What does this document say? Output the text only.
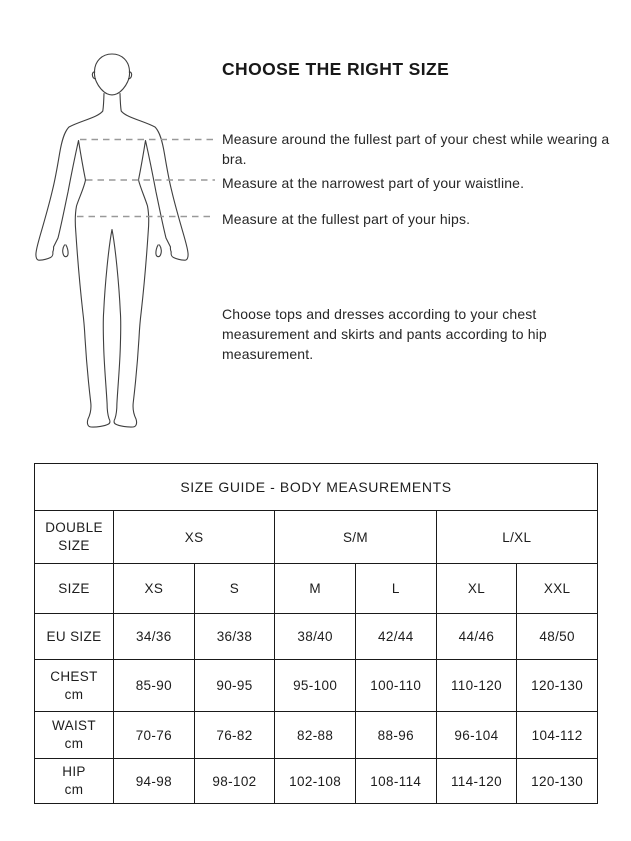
CHOOSE THE RIGHT SIZE
Measure around the fullest part of your chest while wearing a bra.
Measure at the narrowest part of your waistline.
Measure at the fullest part of your hips.
Choose tops and dresses according to your chest measurement and skirts and pants according to hip measurement.
SIZE GUIDE - BODY MEASUREMENTS						

DOUBLE SIZE	XS		S/M		L/XL	
SIZE	XS	S	M	L	XL	XXL
EU SIZE	34/36	36/38	38/40	42/44	44/46	48/50

CHEST
cm	85-90	90-95	95-100	100-110	110-120	120-130

WAIST
cm	70-76	76-82	82-88	88-96	96-104	104-112

HIP
cm	94-98	98-102	102-108	108-114	114-120	120-130
